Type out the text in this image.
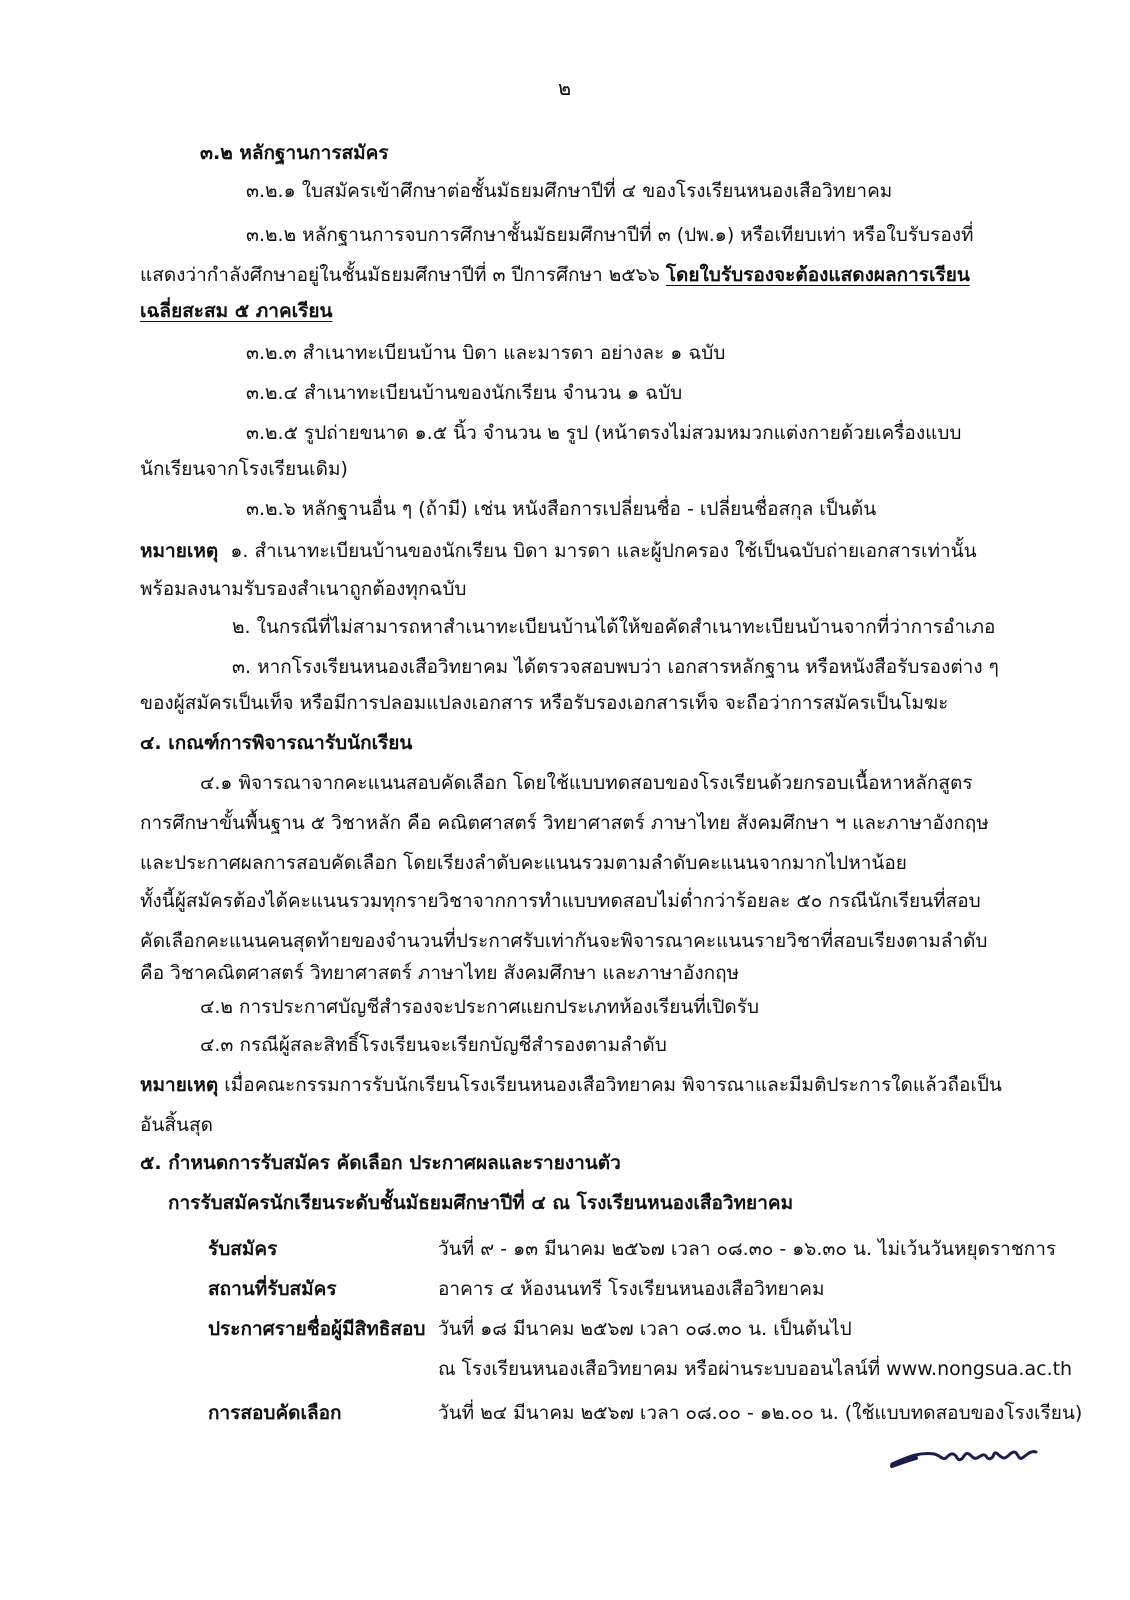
๒
๓.๒ หลักฐานการสมัคร
๓.๒.๑ ใบสมัครเข้าศึกษาต่อชั้นมัธยมศึกษาปีที่ ๔ ของโรงเรียนหนองเสือวิทยาคม
๓.๒.๒ หลักฐานการจบการศึกษาชั้นมัธยมศึกษาปีที่ ๓ (ปพ.๑) หรือเทียบเท่า หรือใบรับรองที่
แสดงว่ากำลังศึกษาอยู่ในชั้นมัธยมศึกษาปีที่ ๓ ปีการศึกษา ๒๕๖๖ โดยใบรับรองจะต้องแสดงผลการเรียน
เฉลี่ยสะสม ๕ ภาคเรียน
๓.๒.๓ สำเนาทะเบียนบ้าน บิดา และมารดา อย่างละ ๑ ฉบับ
๓.๒.๔ สำเนาทะเบียนบ้านของนักเรียน จำนวน ๑ ฉบับ
๓.๒.๕ รูปถ่ายขนาด ๑.๕ นิ้ว จำนวน ๒ รูป (หน้าตรงไม่สวมหมวกแต่งกายด้วยเครื่องแบบ
นักเรียนจากโรงเรียนเดิม)
๓.๒.๖ หลักฐานอื่น ๆ (ถ้ามี) เช่น หนังสือการเปลี่ยนชื่อ - เปลี่ยนชื่อสกุล เป็นต้น
หมายเหตุ ๑. สำเนาทะเบียนบ้านของนักเรียน บิดา มารดา และผู้ปกครอง ใช้เป็นฉบับถ่ายเอกสารเท่านั้น
พร้อมลงนามรับรองสำเนาถูกต้องทุกฉบับ
๒. ในกรณีที่ไม่สามารถหาสำเนาทะเบียนบ้านได้ให้ขอคัดสำเนาทะเบียนบ้านจากที่ว่าการอำเภอ
๓. หากโรงเรียนหนองเสือวิทยาคม ได้ตรวจสอบพบว่า เอกสารหลักฐาน หรือหนังสือรับรองต่าง ๆ
ของผู้สมัครเป็นเท็จ หรือมีการปลอมแปลงเอกสาร หรือรับรองเอกสารเท็จ จะถือว่าการสมัครเป็นโมฆะ
๔. เกณฑ์การพิจารณารับนักเรียน
๔.๑ พิจารณาจากคะแนนสอบคัดเลือก โดยใช้แบบทดสอบของโรงเรียนด้วยกรอบเนื้อหาหลักสูตร
การศึกษาขั้นพื้นฐาน ๕ วิชาหลัก คือ คณิตศาสตร์ วิทยาศาสตร์ ภาษาไทย สังคมศึกษา ฯ และภาษาอังกฤษ
และประกาศผลการสอบคัดเลือก โดยเรียงลำดับคะแนนรวมตามลำดับคะแนนจากมากไปหาน้อย
ทั้งนี้ผู้สมัครต้องได้คะแนนรวมทุกรายวิชาจากการทำแบบทดสอบไม่ต่ำกว่าร้อยละ ๕๐ กรณีนักเรียนที่สอบ
คัดเลือกคะแนนคนสุดท้ายของจำนวนที่ประกาศรับเท่ากันจะพิจารณาคะแนนรายวิชาที่สอบเรียงตามลำดับ
คือ วิชาคณิตศาสตร์ วิทยาศาสตร์ ภาษาไทย สังคมศึกษา และภาษาอังกฤษ
๔.๒ การประกาศบัญชีสำรองจะประกาศแยกประเภทห้องเรียนที่เปิดรับ
๔.๓ กรณีผู้สละสิทธิ์โรงเรียนจะเรียกบัญชีสำรองตามลำดับ
หมายเหตุ เมื่อคณะกรรมการรับนักเรียนโรงเรียนหนองเสือวิทยาคม พิจารณาและมีมติประการใดแล้วถือเป็น
อันสิ้นสุด
๕. กำหนดการรับสมัคร คัดเลือก ประกาศผลและรายงานตัว
การรับสมัครนักเรียนระดับชั้นมัธยมศึกษาปีที่ ๔ ณ โรงเรียนหนองเสือวิทยาคม
รับสมัคร	วันที่ ๙ - ๑๓ มีนาคม ๒๕๖๗ เวลา ๐๘.๓๐ - ๑๖.๓๐ น. ไม่เว้นวันหยุดราชการ
สถานที่รับสมัคร	อาคาร ๔ ห้องนนทรี โรงเรียนหนองเสือวิทยาคม
ประกาศรายชื่อผู้มีสิทธิสอบ วันที่ ๑๘ มีนาคม ๒๕๖๗ เวลา ๐๘.๓๐ น. เป็นต้นไป
ณ โรงเรียนหนองเสือวิทยาคม หรือผ่านระบบออนไลน์ที่ www.nongsua.ac.th
การสอบคัดเลือก	วันที่ ๒๔ มีนาคม ๒๕๖๗ เวลา ๐๘.๐๐ - ๑๒.๐๐ น. (ใช้แบบทดสอบของโรงเรียน)
